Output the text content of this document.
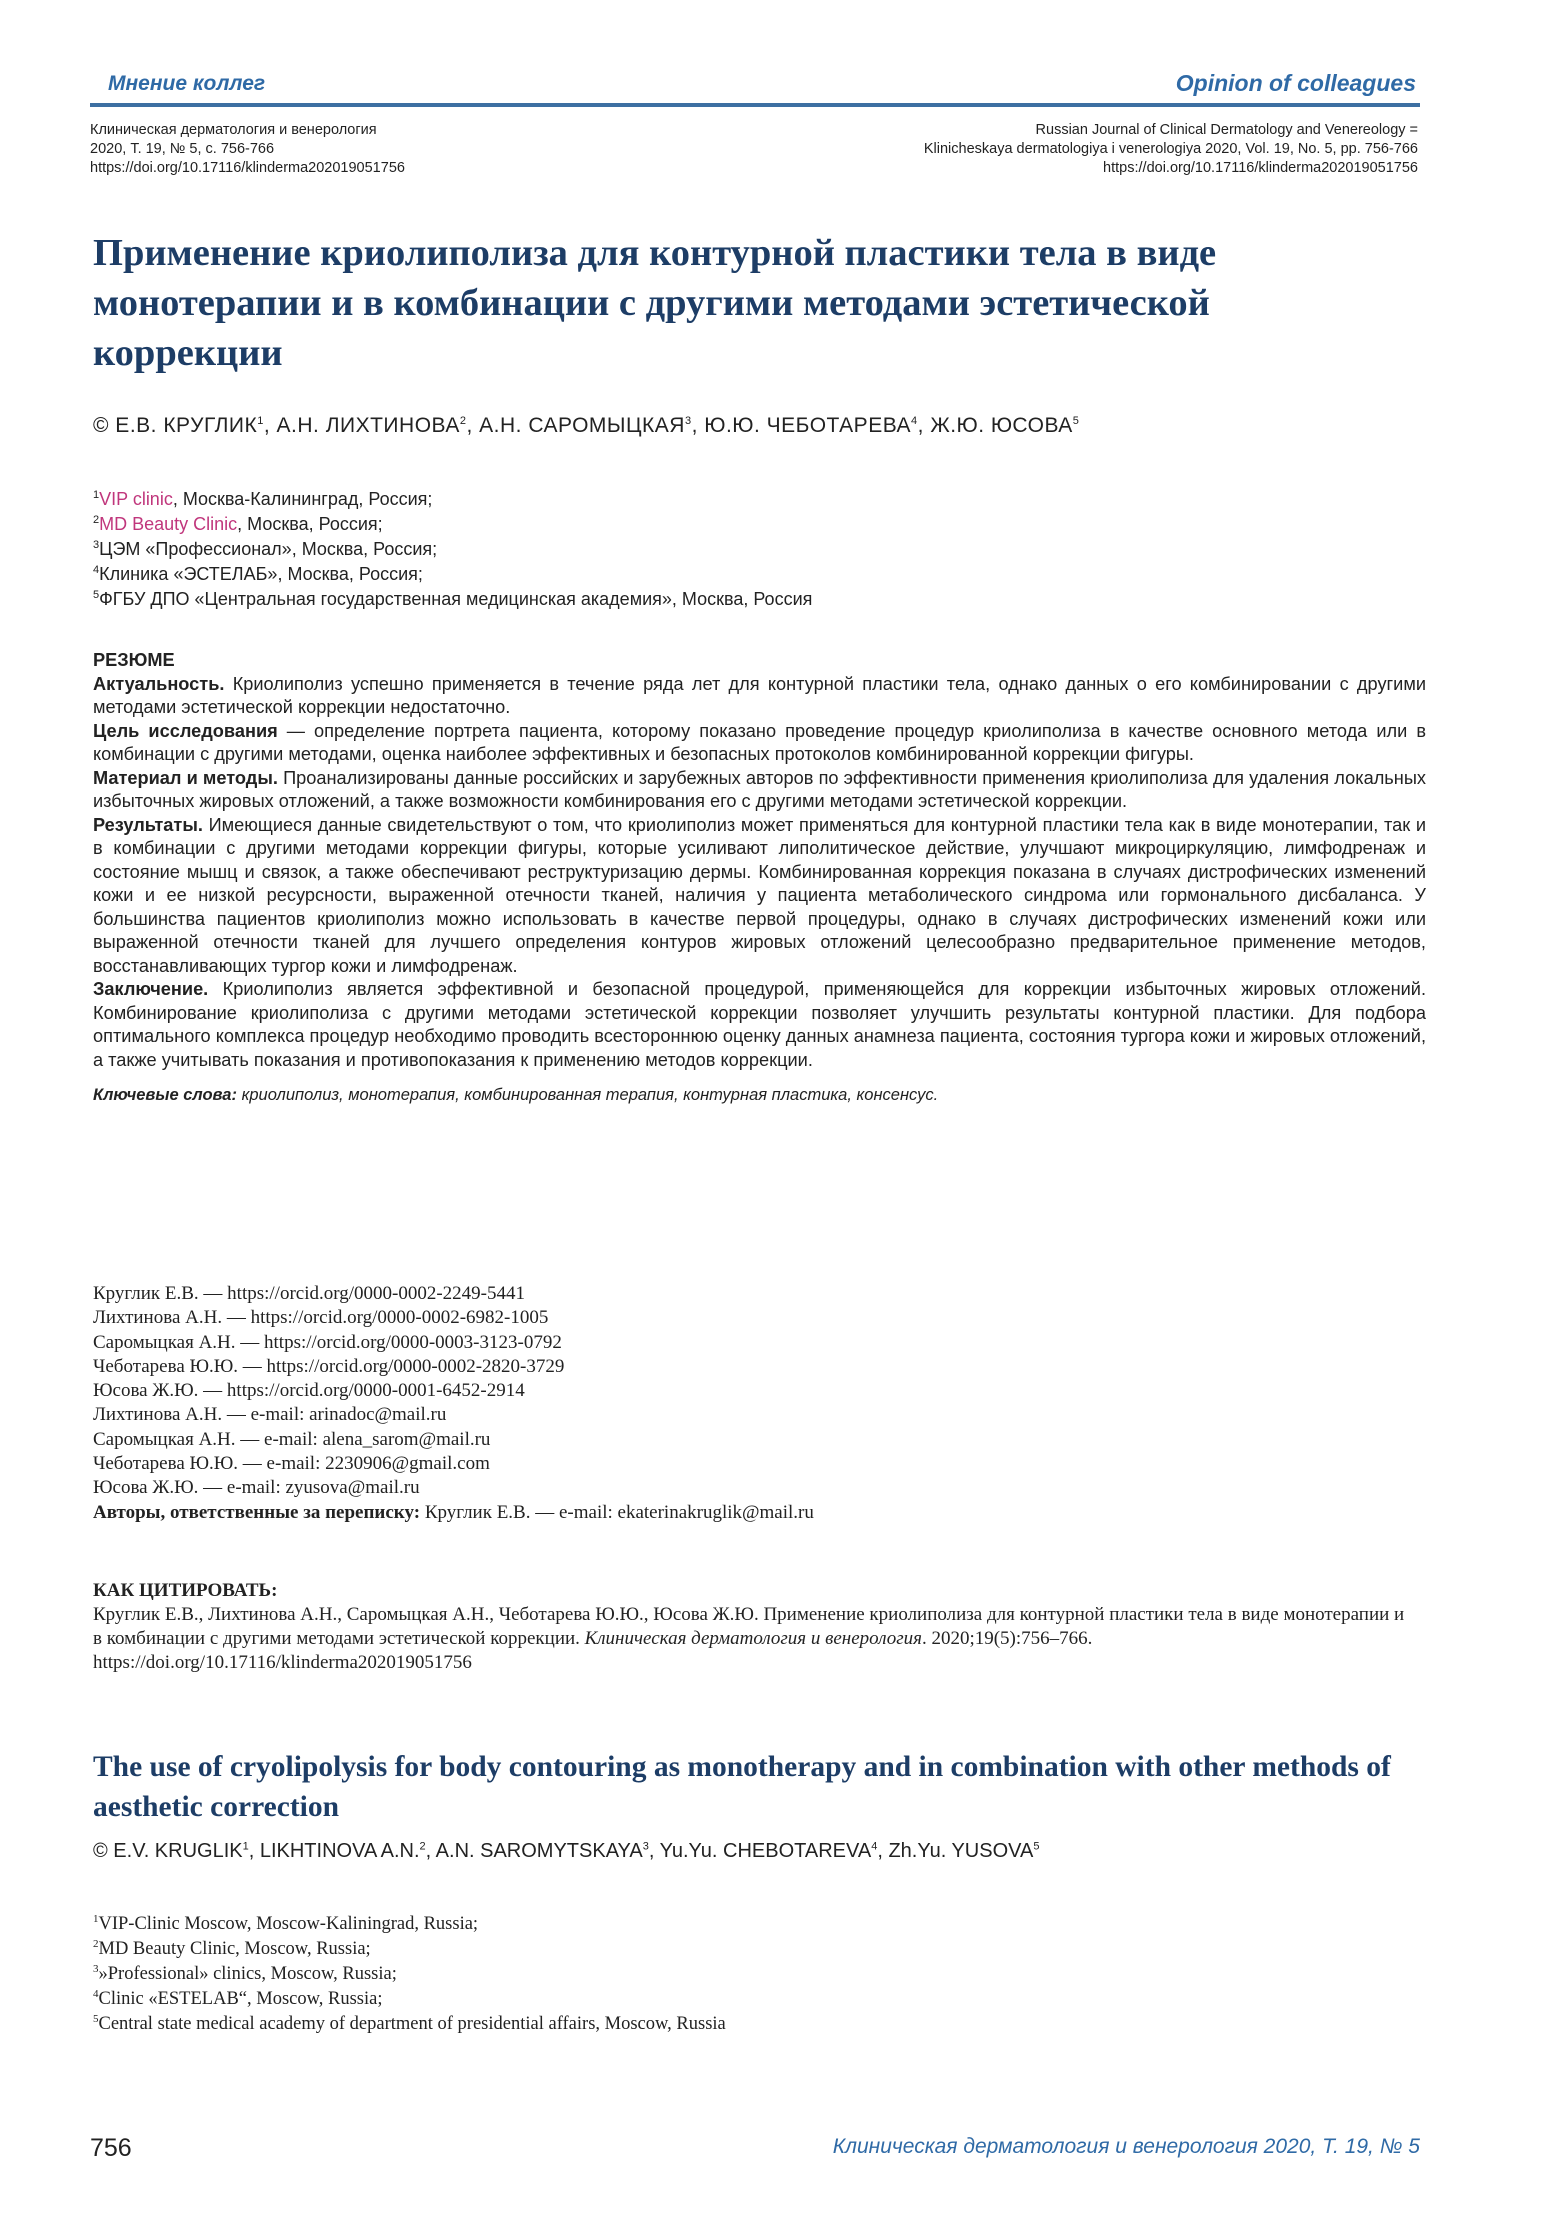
Мнение коллег	Opinion of colleagues
Клиническая дерматология и венерология
2020, Т. 19, № 5, с. 756-766
https://doi.org/10.17116/klinderma202019051756
Russian Journal of Clinical Dermatology and Venereology =
Klinicheskaya dermatologiya i venerologiya 2020, Vol. 19, No. 5, pp. 756-766
https://doi.org/10.17116/klinderma202019051756
Применение криолиполиза для контурной пластики тела в виде монотерапии и в комбинации с другими методами эстетической коррекции
© Е.В. КРУГЛИК$^1$, А.Н. ЛИХТИНОВА$^2$, А.Н. САРОМЫЦКАЯ$^3$, Ю.Ю. ЧЕБОТАРЕВА$^4$, Ж.Ю. ЮСОВА$^5$
$^1$VIP clinic, Москва-Калининград, Россия;
$^2$MD Beauty Clinic, Москва, Россия;
$^3$ЦЭМ «Профессионал», Москва, Россия;
$^4$Клиника «ЭСТЕЛАБ», Москва, Россия;
$^5$ФГБУ ДПО «Центральная государственная медицинская академия», Москва, Россия

РЕЗЮМЕ

Актуальность. Криолиполиз успешно применяется в течение ряда лет для контурной пластики тела, однако данных о его комбинировании с другими методами эстетической коррекции недостаточно.

Цель исследования — определение портрета пациента, которому показано проведение процедур криолиполиза в качестве основного метода или в комбинации с другими методами, оценка наиболее эффективных и безопасных протоколов комбинированной коррекции фигуры.

Материал и методы. Проанализированы данные российских и зарубежных авторов по эффективности применения криолиполиза для удаления локальных избыточных жировых отложений, а также возможности комбинирования его с другими методами эстетической коррекции.

Результаты. Имеющиеся данные свидетельствуют о том, что криолиполиз может применяться для контурной пластики тела как в виде монотерапии, так и в комбинации с другими методами коррекции фигуры, которые усиливают липолитическое действие, улучшают микроциркуляцию, лимфодренаж и состояние мышц и связок, а также обеспечивают реструктуризацию дермы. Комбинированная коррекция показана в случаях дистрофических изменений кожи и ее низкой ресурсности, выраженной отечности тканей, наличия у пациента метаболического синдрома или гормонального дисбаланса. У большинства пациентов криолиполиз можно использовать в качестве первой процедуры, однако в случаях дистрофических изменений кожи или выраженной отечности тканей для лучшего определения контуров жировых отложений целесообразно предварительное применение методов, восстанавливающих тургор кожи и лимфодренаж.

Заключение. Криолиполиз является эффективной и безопасной процедурой, применяющейся для коррекции избыточных жировых отложений. Комбинирование криолиполиза с другими методами эстетической коррекции позволяет улучшить результаты контурной пластики. Для подбора оптимального комплекса процедур необходимо проводить всестороннюю оценку данных анамнеза пациента, состояния тургора кожи и жировых отложений, а также учитывать показания и противопоказания к применению методов коррекции.

Ключевые слова: криолиполиз, монотерапия, комбинированная терапия, контурная пластика, консенсус.

Круглик Е.В. — https://orcid.org/0000-0002-2249-5441
Лихтинова А.Н. — https://orcid.org/0000-0002-6982-1005
Саромыцкая А.Н. — https://orcid.org/0000-0003-3123-0792
Чеботарева Ю.Ю. — https://orcid.org/0000-0002-2820-3729
Юсова Ж.Ю. — https://orcid.org/0000-0001-6452-2914
Лихтинова А.Н. — e-mail: arinadoc@mail.ru
Саромыцкая А.Н. — e-mail: alena_sarom@mail.ru
Чеботарева Ю.Ю. — e-mail: 2230906@gmail.com
Юсова Ж.Ю. — e-mail: zyusova@mail.ru
Авторы, ответственные за переписку: Круглик Е.В. — e-mail: ekaterinakruglik@mail.ru
КАК ЦИТИРОВАТЬ:
Круглик Е.В., Лихтинова А.Н., Саромыцкая А.Н., Чеботарева Ю.Ю., Юсова Ж.Ю. Применение криолиполиза для контурной пластики тела в виде монотерапии и в комбинации с другими методами эстетической коррекции. Клиническая дерматология и венерология. 2020;19(5):756–766. https://doi.org/10.17116/klinderma202019051756
The use of cryolipolysis for body contouring as monotherapy and in combination with other methods of aesthetic correction
© E.V. KRUGLIK$^1$, LIKHTINOVA A.N.$^2$, A.N. SAROMYTSKAYA$^3$, Yu.Yu. CHEBOTAREVA$^4$, Zh.Yu. YUSOVA$^5$
$^1$VIP-Clinic Moscow, Moscow-Kaliningrad, Russia;
$^2$MD Beauty Clinic, Moscow, Russia;
$^3$»Professional» clinics, Moscow, Russia;
$^4$Clinic «ESTELAB“, Moscow, Russia;
$^5$Central state medical academy of department of presidential affairs, Moscow, Russia
756	Клиническая дерматология и венерология 2020, Т. 19, № 5
